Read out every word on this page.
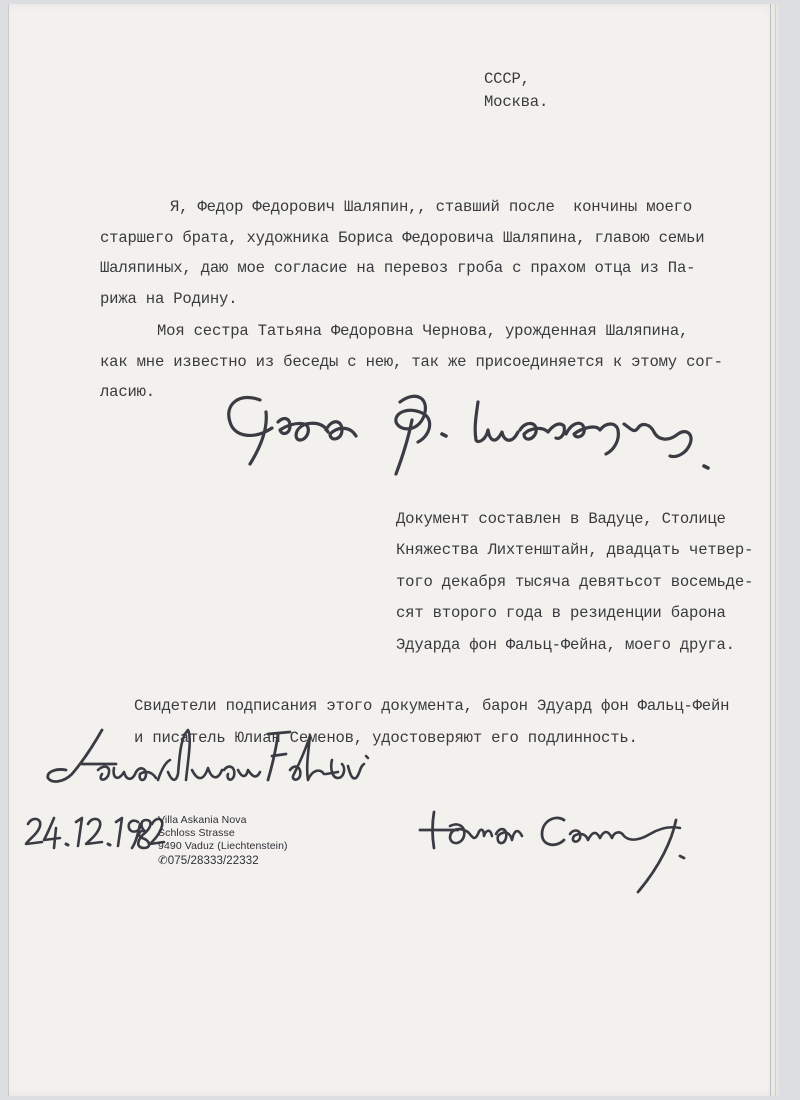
СССР,
Москва.
Я, Федор Федорович Шаляпин,, ставший после  кончины моего
старшего брата, художника Бориса Федоровича Шаляпина, главою семьи
Шаляпиных, даю мое согласие на перевоз гроба с прахом отца из Па-
рижа на Родину.
Моя сестра Татьяна Федоровна Чернова, урожденная Шаляпина,
как мне известно из беседы с нею, так же присоединяется к этому сог-
ласию.
Документ составлен в Вадуце, Столице
Княжества Лихтенштайн, двадцать четвер-
того декабря тысяча девятьсот восемьде-
сят второго года в резиденции барона
Эдуарда фон Фальц-Фейна, моего друга.
Свидетели подписания этого документа, барон Эдуард фон Фальц-Фейн
и писатель Юлиан Семенов, удостоверяют его подлинность.
Villa Askania Nova
Schloss Strasse
9490 Vaduz (Liechtenstein)
✆075/28333/22332
